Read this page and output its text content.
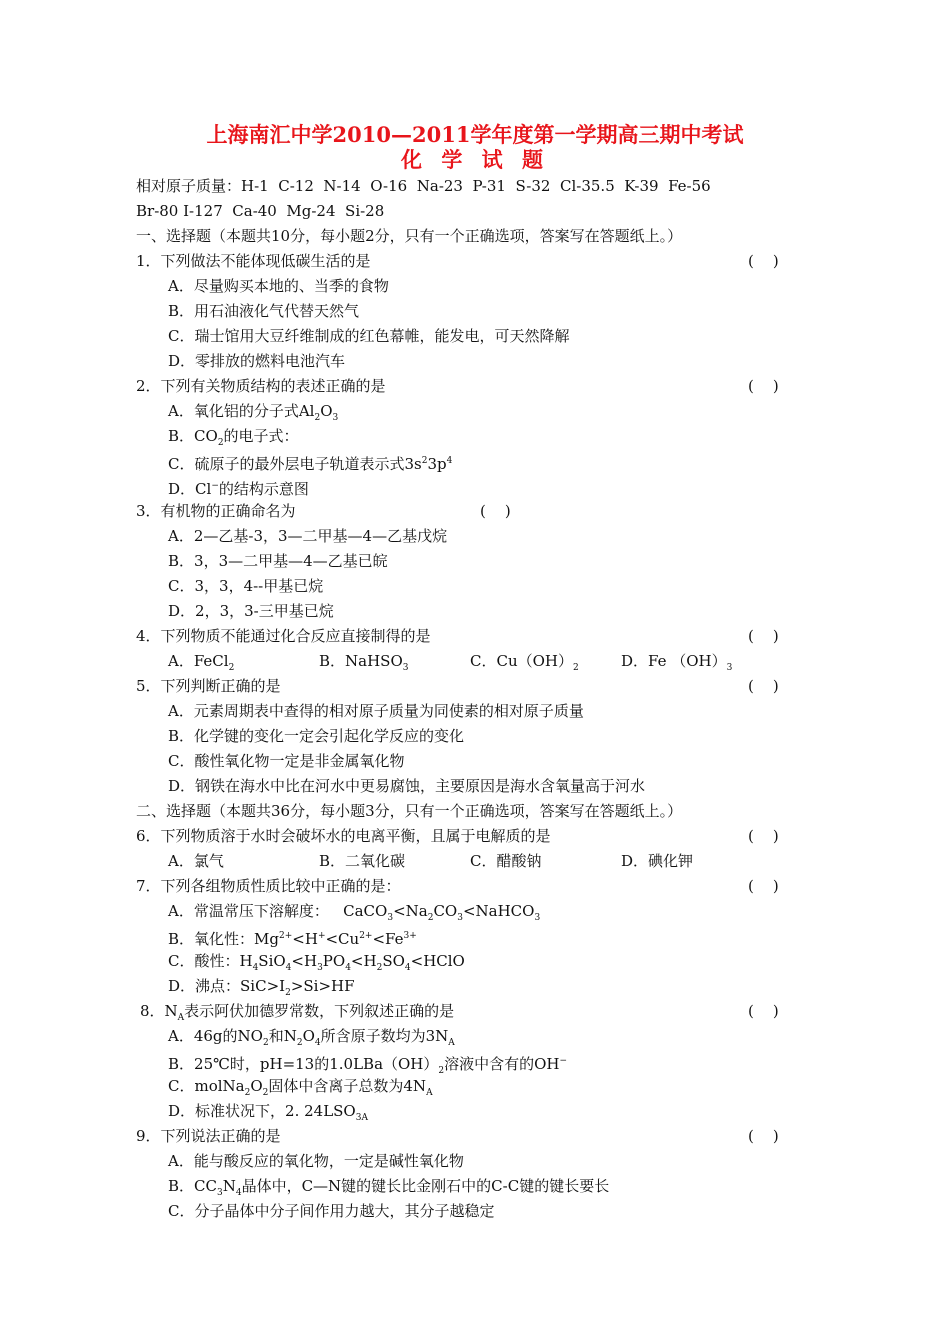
上海南汇中学2010—2011学年度第一学期高三期中考试
化 学 试 题
相对原子质量：H-1  C-12  N-14  O-16  Na-23  P-31  S-32  Cl-35.5  K-39  Fe-56
Br-80 I-127  Ca-40  Mg-24  Si-28
一、选择题（本题共10分，每小题2分，只有一个正确选项，答案写在答题纸上。）
1．下列做法不能体现低碳生活的是	(    )
A．尽量购买本地的、当季的食物
B．用石油液化气代替天然气
C．瑞士馆用大豆纤维制成的红色幕帷，能发电，可天然降解
D．零排放的燃料电池汽车
2．下列有关物质结构的表述正确的是	(    )
A．氧化铝的分子式$Al_2O_3$
B．$CO_2$的电子式：
C．硫原子的最外层电子轨道表示式$3s^23p^4$
D．Cl−的结构示意图
3．有机物的正确命名为	(    )
A．2—乙基-3，3—二甲基—4—乙基戊烷
B．3，3—二甲基—4—乙基已皖
C．3，3，4--甲基已烷
D．2，3，3-三甲基已烷
4．下列物质不能通过化合反应直接制得的是	(    )
A．FeCl$_2$	B．NaHSO$_3$	C．$Cu(OH)_2$	D．Fe $(OH)_3$
5．下列判断正确的是	(    )
A．元素周期表中查得的相对原子质量为同使素的相对原子质量
B．化学键的变化一定会引起化学反应的变化
C．酸性氧化物一定是非金属氧化物
D．钢铁在海水中比在河水中更易腐蚀，主要原因是海水含氧量高于河水
二、选择题（本题共36分，每小题3分，只有一个正确选项，答案写在答题纸上。）
6．下列物质溶于水时会破坏水的电离平衡，且属于电解质的是	(    )
A．氯气	B．二氧化碳	C．醋酸钠	D．碘化钾
7．下列各组物质性质比较中正确的是：	(    )
A．常温常压下溶解度：   $CaCO_3<Na_2CO_3<NaHCO_3$
B．氧化性：$Mg^{2+}<H^+<Cu^{2+}<Fe^{3+}$
C．酸性：$H_4SiO_4<H_3PO_4<H_2SO_4<HClO$
D．沸点：$SiC>I_2>Si>HF$
8．$N_A$表示阿伏加德罗常数，下列叙述正确的是	(    )
A．46g的$NO_2$和$N_2O_4$所含原子数均为$3N_A$
B．25℃时，pH=13的$1.0LBa(OH)_2$溶液中含有的OH−
C．$molNa_2O_2$固体中含离子总数为$4N_A$
D．标准状况下，2. $24LSO_{3A}$
9．下列说法正确的是	(    )
A．能与酸反应的氧化物，一定是碱性氧化物
B．$CC_3N_4$晶体中，C—N键的键长比金刚石中的C-C键的键长要长
C．分子晶体中分子间作用力越大，其分子越稳定
